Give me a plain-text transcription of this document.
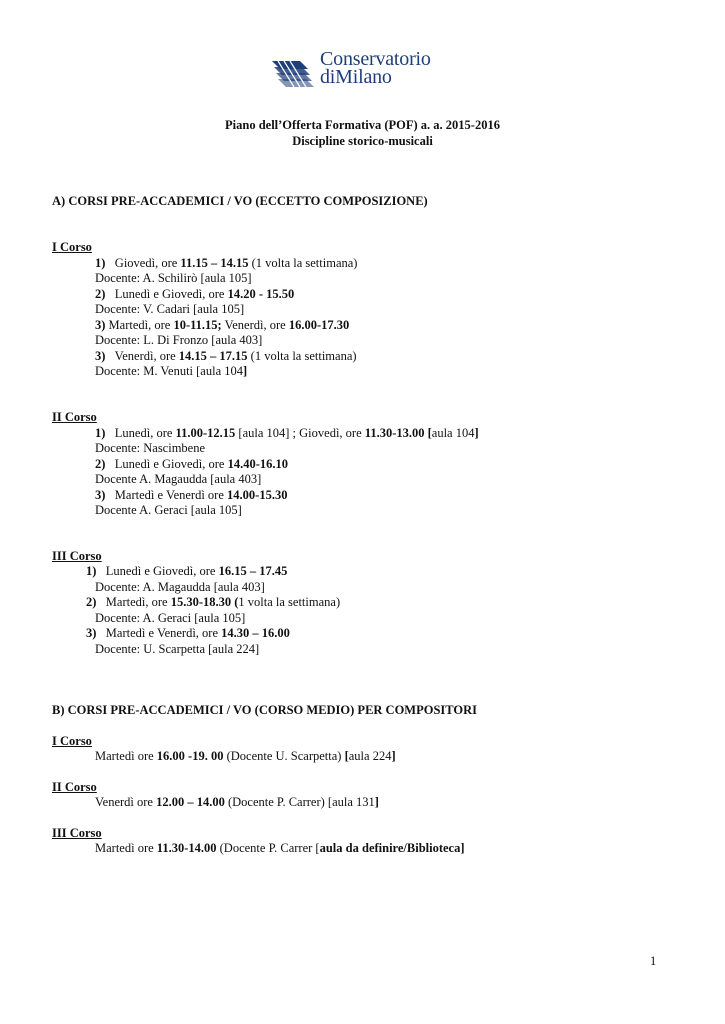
Conservatorio
diMilano
Piano dell’Offerta Formativa (POF) a. a. 2015-2016
Discipline storico-musicali
A) CORSI PRE-ACCADEMICI / VO (ECCETTO COMPOSIZIONE)
I Corso
1) Giovedì, ore 11.15 – 14.15 (1 volta la settimana)
Docente: A. Schilirò [aula 105]
2) Lunedì e Giovedì, ore 14.20 - 15.50
Docente: V. Cadari [aula 105]
3) Martedì, ore 10-11.15; Venerdì, ore 16.00-17.30
Docente: L. Di Fronzo [aula 403]
3) Venerdì, ore 14.15 – 17.15 (1 volta la settimana)
Docente: M. Venuti [aula 104]
II Corso
1) Lunedì, ore 11.00-12.15 [aula 104] ; Giovedì, ore 11.30-13.00 [aula 104]
Docente: Nascimbene
2) Lunedì e Giovedì, ore 14.40-16.10
Docente A. Magaudda [aula 403]
3) Martedì e Venerdì ore 14.00-15.30
Docente A. Geraci [aula 105]
III Corso
1) Lunedì e Giovedì, ore 16.15 – 17.45
Docente: A. Magaudda [aula 403]
2) Martedì, ore 15.30-18.30 (1 volta la settimana)
Docente: A. Geraci [aula 105]
3) Martedì e Venerdì, ore 14.30 – 16.00
Docente: U. Scarpetta [aula 224]
B) CORSI PRE-ACCADEMICI / VO (CORSO MEDIO) PER COMPOSITORI
I Corso
Martedì ore 16.00 -19. 00 (Docente U. Scarpetta) [aula 224]
II Corso
Venerdì ore 12.00 – 14.00 (Docente P. Carrer) [aula 131]
III Corso
Martedì ore 11.30-14.00 (Docente P. Carrer [aula da definire/Biblioteca]
1
